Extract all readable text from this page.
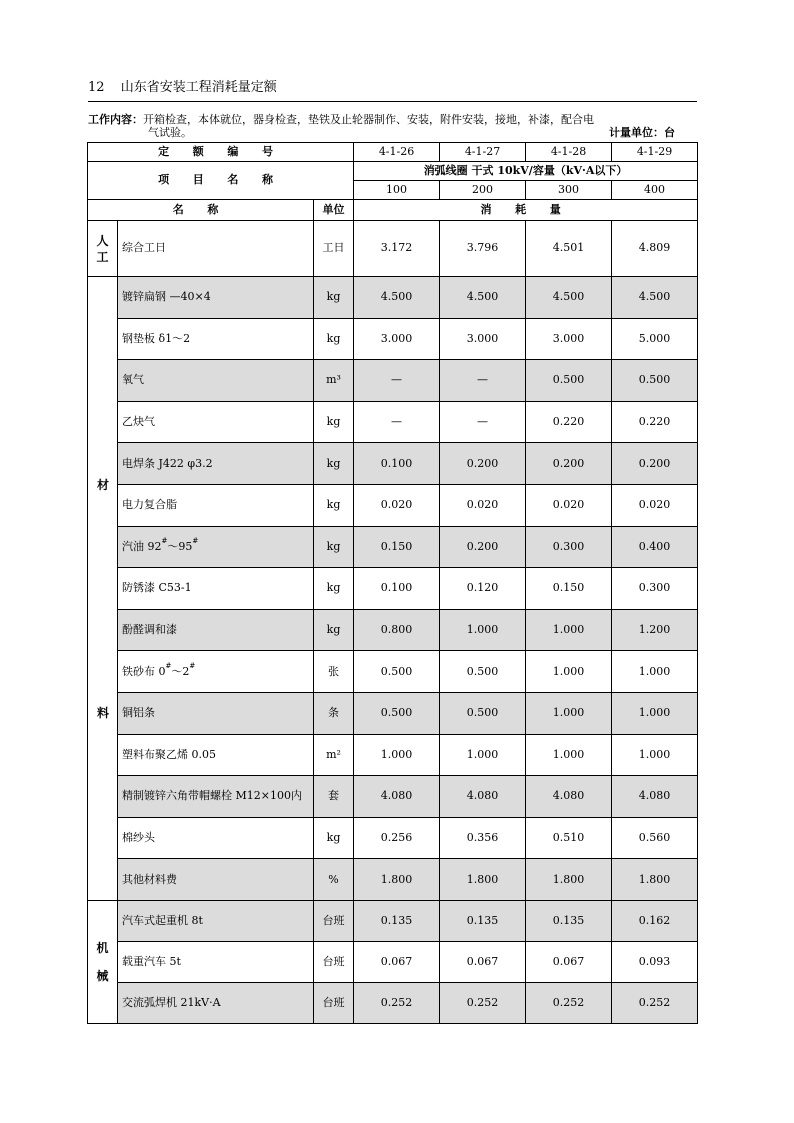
12 山东省安装工程消耗量定额
工作内容：开箱检查，本体就位，器身检查，垫铁及止轮器制作、安装，附件安装，接地，补漆，配合电
气试验。	计量单位：台
定 额 编 号			4-1-26	4-1-27	4-1-28	4-1-29
项 目 名 称			消弧线圈 干式 10kV/容量（kV·A以下）			
			100	200	300	400
名 称		单位	消 耗 量			
人工	综合工日	工日	3.172	3.796	4.501	4.809

材
料	镀锌扁钢 —40×4	kg	4.500	4.500	4.500	4.500
	钢垫板 δ1～2	kg	3.000	3.000	3.000	5.000
	氧气	m³	—	—	0.500	0.500
	乙炔气	kg	—	—	0.220	0.220
	电焊条 J422 φ3.2	kg	0.100	0.200	0.200	0.200
	电力复合脂	kg	0.020	0.020	0.020	0.020
	汽油 92#～95#	kg	0.150	0.200	0.300	0.400
	防锈漆 C53-1	kg	0.100	0.120	0.150	0.300
	酚醛调和漆	kg	0.800	1.000	1.000	1.200
	铁砂布 0#～2#	张	0.500	0.500	1.000	1.000
	铜铝条	条	0.500	0.500	1.000	1.000
	塑料布聚乙烯 0.05	m²	1.000	1.000	1.000	1.000
	精制镀锌六角带帽螺栓 M12×100内	套	4.080	4.080	4.080	4.080
	棉纱头	kg	0.256	0.356	0.510	0.560
	其他材料费	%	1.800	1.800	1.800	1.800
机械	汽车式起重机 8t	台班	0.135	0.135	0.135	0.162
	载重汽车 5t	台班	0.067	0.067	0.067	0.093
	交流弧焊机 21kV·A	台班	0.252	0.252	0.252	0.252
